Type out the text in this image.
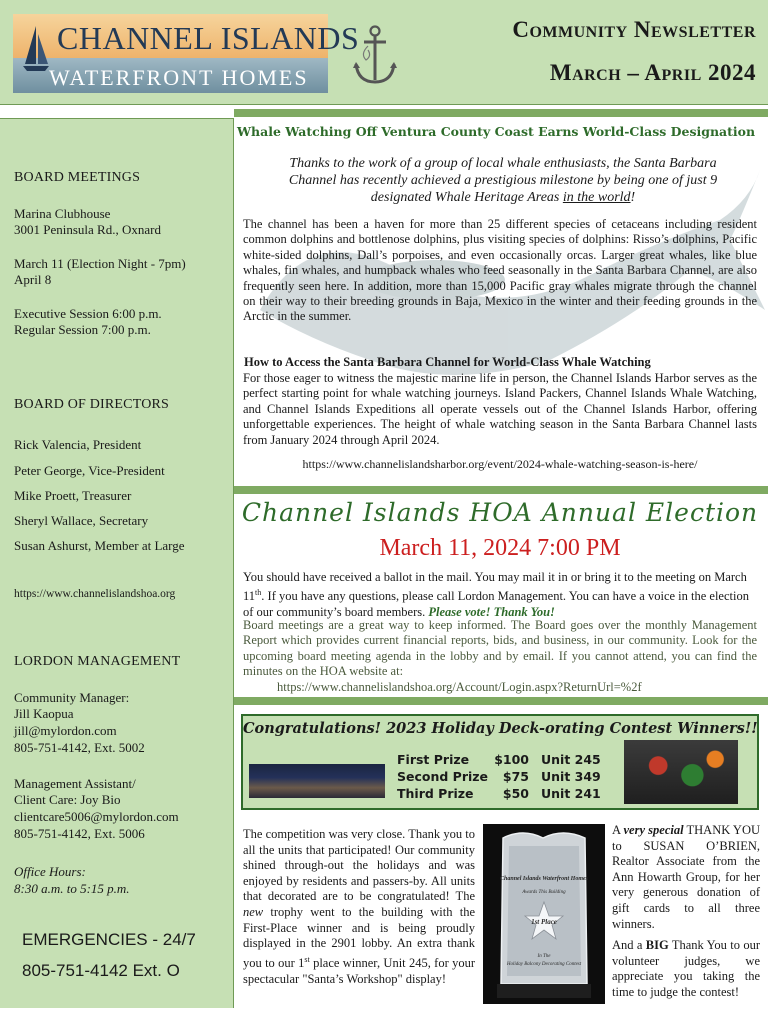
CHANNEL ISLANDS
WATERFRONT HOMES
Community Newsletter
March – April 2024
BOARD MEETINGS
Marina Clubhouse
3001 Peninsula Rd., Oxnard
March 11 (Election Night - 7pm)
April 8
Executive Session 6:00 p.m.
Regular Session 7:00 p.m.
BOARD OF DIRECTORS
Rick Valencia, President
Peter George, Vice-President
Mike Proett, Treasurer
Sheryl Wallace, Secretary
Susan Ashurst, Member at Large
https://www.channelislandshoa.org
LORDON MANAGEMENT
Community Manager:
Jill Kaopua
jill@mylordon.com
805-751-4142, Ext. 5002
Management Assistant/
Client Care: Joy Bio
clientcare5006@mylordon.com
805-751-4142, Ext. 5006
Office Hours:
8:30 a.m. to 5:15 p.m.
EMERGENCIES - 24/7
805-751-4142 Ext. O
Whale Watching Off Ventura County Coast Earns World-Class Designation
Thanks to the work of a group of local whale enthusiasts, the Santa Barbara Channel has recently achieved a prestigious milestone by being one of just 9 designated Whale Heritage Areas in the world!
The channel has been a haven for more than 25 different species of cetaceans including resident common dolphins and bottlenose dolphins, plus visiting species of dolphins: Risso’s dolphins, Pacific white-sided dolphins, Dall’s porpoises, and even occasionally orcas. Larger great whales, like blue whales, fin whales, and humpback whales who feed seasonally in the Santa Barbara Channel, are also frequently seen here. In addition, more than 15,000 Pacific gray whales migrate through the channel on their way to their breeding grounds in Baja, Mexico in the winter and their feeding grounds in the Arctic in the summer.
How to Access the Santa Barbara Channel for World-Class Whale Watching
For those eager to witness the majestic marine life in person, the Channel Islands Harbor serves as the perfect starting point for whale watching journeys. Island Packers, Channel Islands Whale Watching, and Channel Islands Expeditions all operate vessels out of the Channel Islands Harbor, offering unforgettable experiences. The height of whale watching season in the Santa Barbara Channel lasts from January 2024 through April 2024.
https://www.channelislandsharbor.org/event/2024-whale-watching-season-is-here/
Channel Islands HOA Annual Election
March 11, 2024 7:00 PM
You should have received a ballot in the mail. You may mail it in or bring it to the meeting on March 11th. If you have any questions, please call Lordon Management. You can have a voice in the election of our community’s board members. Please vote! Thank You!
Board meetings are a great way to keep informed. The Board goes over the monthly Management Report which provides current financial reports, bids, and business, in our community. Look for the upcoming board meeting agenda in the lobby and by email. If you cannot attend, you can find the minutes on the HOA website at:
https://www.channelislandshoa.org/Account/Login.aspx?ReturnUrl=%2f
Congratulations! 2023 Holiday Deck-orating Contest Winners!!
First Prize	$100 Unit 245
Second Prize	$75 Unit 349
Third Prize	$50 Unit 241
The competition was very close. Thank you to all the units that participated! Our community shined through-out the holidays and was enjoyed by residents and passers-by. All units that decorated are to be congratulated! The new trophy went to the building with the First-Place winner and is being proudly displayed in the 2901 lobby. An extra thank you to our 1st place winner, Unit 245, for your spectacular "Santa’s Workshop" display!
Channel Islands Waterfront Homes
Awards This Building
1st Place
In The
Holiday Balcony Decorating Contest
A very special THANK YOU to SUSAN O’BRIEN, Realtor Associate from the Ann Howarth Group, for her very generous donation of gift cards to all three winners.
And a BIG Thank You to our volunteer judges, we appreciate you taking the time to judge the contest!
